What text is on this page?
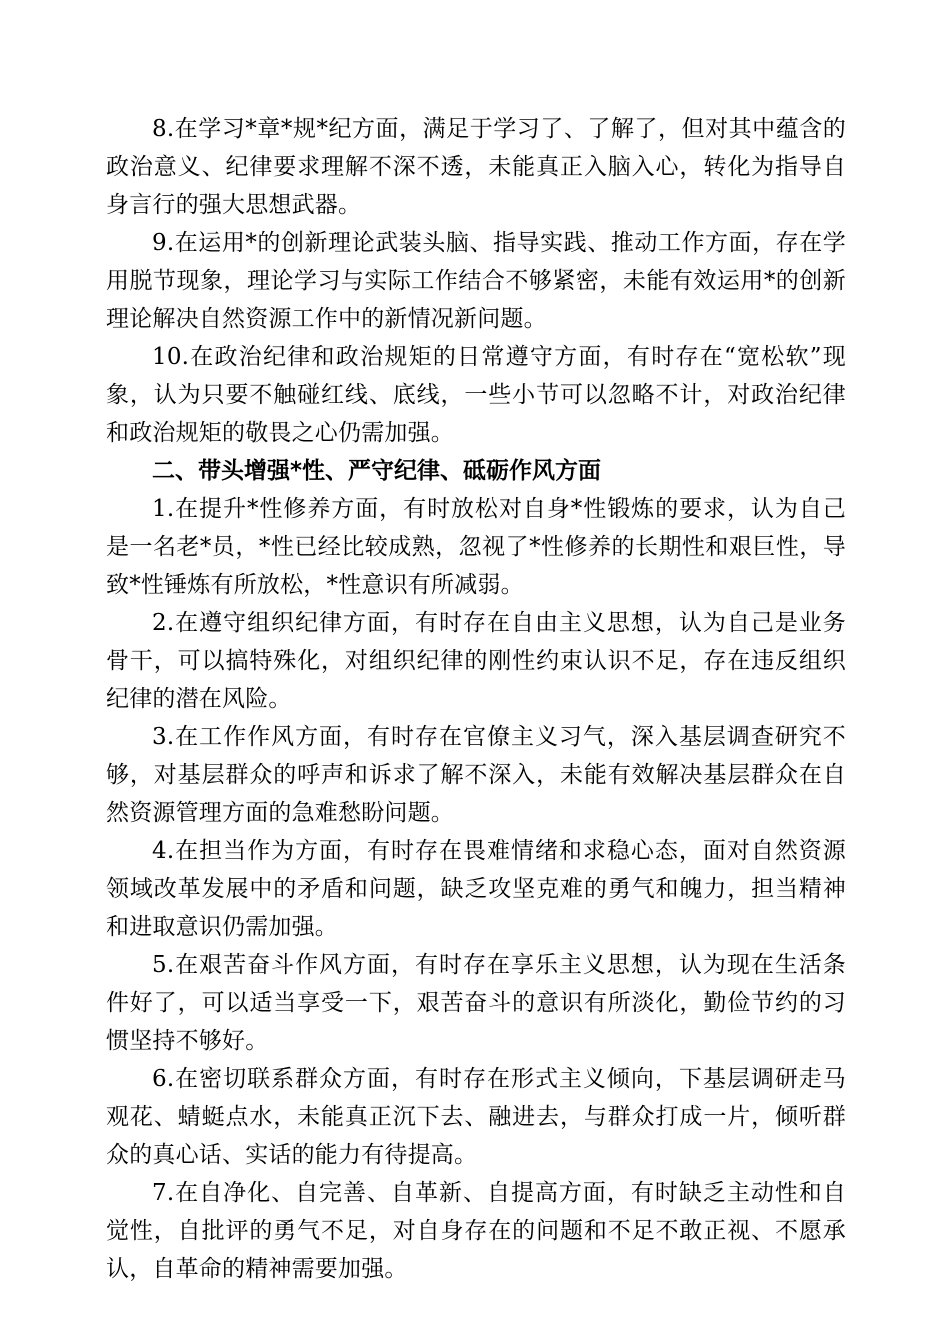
8.在学习*章*规*纪方面，满足于学习了、了解了，但对其中蕴含的政治意义、纪律要求理解不深不透，未能真正入脑入心，转化为指导自身言行的强大思想武器。

9.在运用*的创新理论武装头脑、指导实践、推动工作方面，存在学用脱节现象，理论学习与实际工作结合不够紧密，未能有效运用*的创新理论解决自然资源工作中的新情况新问题。

10.在政治纪律和政治规矩的日常遵守方面，有时存在“宽松软”现象，认为只要不触碰红线、底线，一些小节可以忽略不计，对政治纪律和政治规矩的敬畏之心仍需加强。

二、带头增强*性、严守纪律、砥砺作风方面

1.在提升*性修养方面，有时放松对自身*性锻炼的要求，认为自己是一名老*员，*性已经比较成熟，忽视了*性修养的长期性和艰巨性，导致*性锤炼有所放松，*性意识有所减弱。

2.在遵守组织纪律方面，有时存在自由主义思想，认为自己是业务骨干，可以搞特殊化，对组织纪律的刚性约束认识不足，存在违反组织纪律的潜在风险。

3.在工作作风方面，有时存在官僚主义习气，深入基层调查研究不够，对基层群众的呼声和诉求了解不深入，未能有效解决基层群众在自然资源管理方面的急难愁盼问题。

4.在担当作为方面，有时存在畏难情绪和求稳心态，面对自然资源领域改革发展中的矛盾和问题，缺乏攻坚克难的勇气和魄力，担当精神和进取意识仍需加强。

5.在艰苦奋斗作风方面，有时存在享乐主义思想，认为现在生活条件好了，可以适当享受一下，艰苦奋斗的意识有所淡化，勤俭节约的习惯坚持不够好。

6.在密切联系群众方面，有时存在形式主义倾向，下基层调研走马观花、蜻蜓点水，未能真正沉下去、融进去，与群众打成一片，倾听群众的真心话、实话的能力有待提高。

7.在自净化、自完善、自革新、自提高方面，有时缺乏主动性和自觉性，自批评的勇气不足，对自身存在的问题和不足不敢正视、不愿承认，自革命的精神需要加强。
